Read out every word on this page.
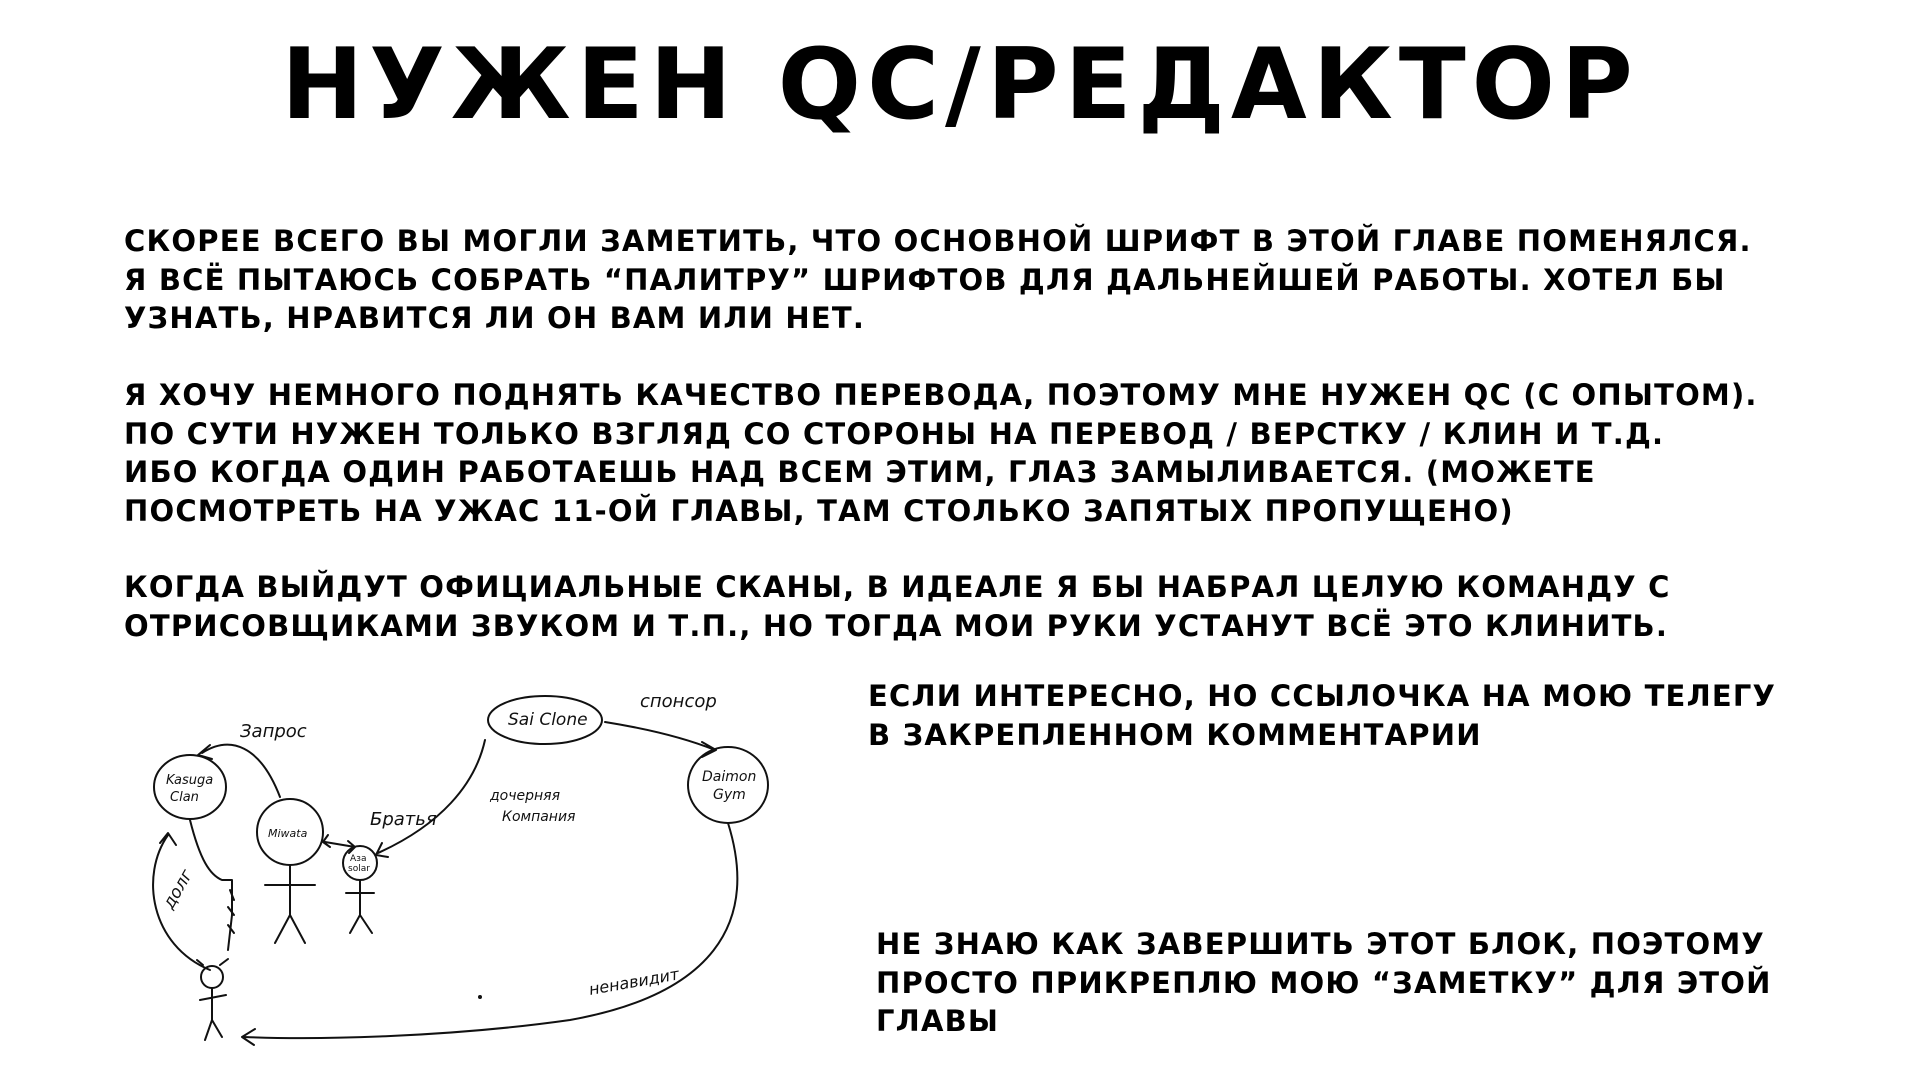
НУЖЕН QC/РЕДАКТОР
СКОРЕЕ ВСЕГО ВЫ МОГЛИ ЗАМЕТИТЬ, ЧТО ОСНОВНОЙ ШРИФТ В ЭТОЙ ГЛАВЕ ПОМЕНЯЛСЯ.
Я ВСЁ ПЫТАЮСЬ СОБРАТЬ “ПАЛИТРУ” ШРИФТОВ ДЛЯ ДАЛЬНЕЙШЕЙ РАБОТЫ. ХОТЕЛ БЫ
УЗНАТЬ, НРАВИТСЯ ЛИ ОН ВАМ ИЛИ НЕТ.
Я ХОЧУ НЕМНОГО ПОДНЯТЬ КАЧЕСТВО ПЕРЕВОДА, ПОЭТОМУ МНЕ НУЖЕН QC (С ОПЫТОМ).
ПО СУТИ НУЖЕН ТОЛЬКО ВЗГЛЯД СО СТОРОНЫ НА ПЕРЕВОД / ВЕРСТКУ / КЛИН И Т.Д.
ИБО КОГДА ОДИН РАБОТАЕШЬ НАД ВСЕМ ЭТИМ, ГЛАЗ ЗАМЫЛИВАЕТСЯ. (МОЖЕТЕ
ПОСМОТРЕТЬ НА УЖАС 11-ОЙ ГЛАВЫ, ТАМ СТОЛЬКО ЗАПЯТЫХ ПРОПУЩЕНО)
КОГДА ВЫЙДУТ ОФИЦИАЛЬНЫЕ СКАНЫ, В ИДЕАЛЕ Я БЫ НАБРАЛ ЦЕЛУЮ КОМАНДУ С
ОТРИСОВЩИКАМИ ЗВУКОМ И Т.П., НО ТОГДА МОИ РУКИ УСТАНУТ ВСЁ ЭТО КЛИНИТЬ.
ЕСЛИ ИНТЕРЕСНО, НО ССЫЛОЧКА НА МОЮ ТЕЛЕГУ
В ЗАКРЕПЛЕННОМ КОММЕНТАРИИ
НЕ ЗНАЮ КАК ЗАВЕРШИТЬ ЭТОТ БЛОК, ПОЭТОМУ
ПРОСТО ПРИКРЕПЛЮ МОЮ “ЗАМЕТКУ” ДЛЯ ЭТОЙ
ГЛАВЫ
Sai Clone
Kasuga
Clan
Miwata
Аза
solar
Daimon
Gym
Запрос
Братья
дочерняя
Компания
спонсор
долг
ненавидит
